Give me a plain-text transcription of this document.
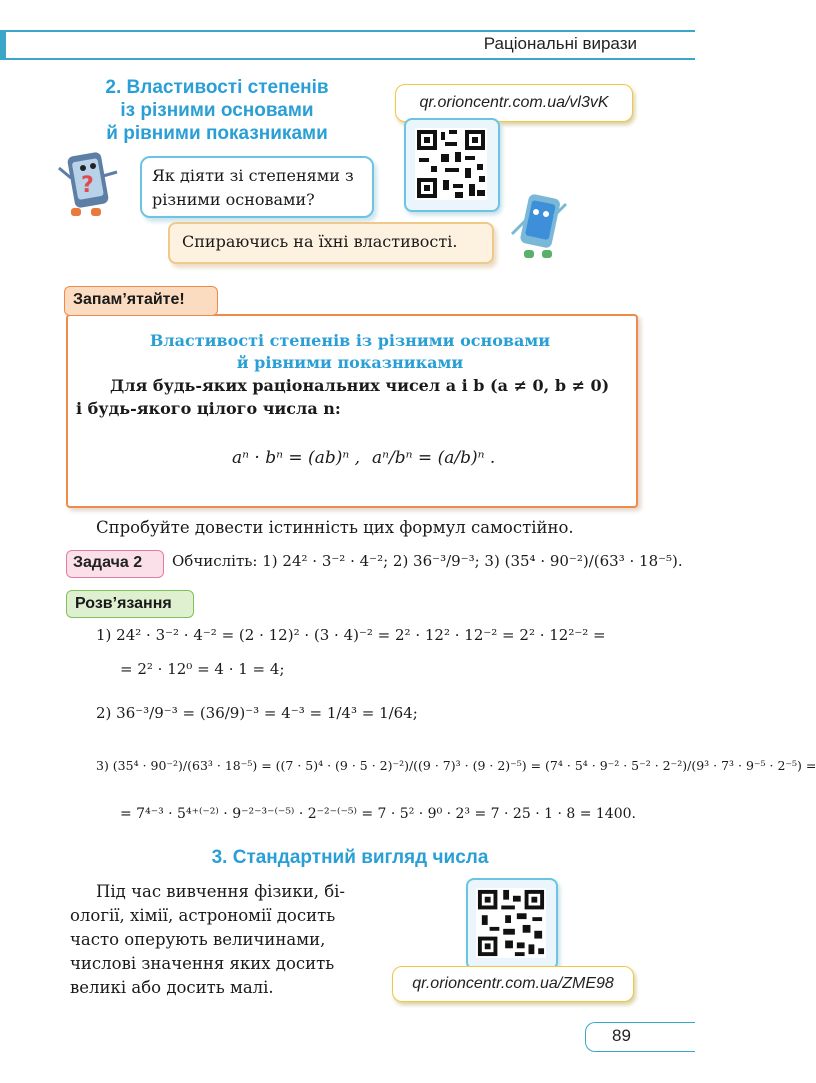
Раціональні вирази
2. Властивості степенів
із різними основами
й рівними показниками
qr.orioncentr.com.ua/vl3vK
?	Як діяти зі степенями з різними основами?
Спираючись на їхні властивості.
Запам’ятайте!
Властивості степенів із різними основами
й рівними показниками
Для будь-яких раціональних чисел a і b (a ≠ 0, b ≠ 0)
і будь-якого цілого числа n:
aⁿ · bⁿ = (ab)ⁿ , aⁿ/bⁿ = (a/b)ⁿ .
Спробуйте довести істинність цих формул самостійно.
Задача 2	Обчисліть: 1) 24² · 3⁻² · 4⁻²; 2) 36⁻³/9⁻³; 3) (35⁴ · 90⁻²)/(63³ · 18⁻⁵).
Розв’язання
1) 24² · 3⁻² · 4⁻² = (2 · 12)² · (3 · 4)⁻² = 2² · 12² · 12⁻² = 2² · 12²⁻² =
= 2² · 12⁰ = 4 · 1 = 4;
2) 36⁻³/9⁻³ = (36/9)⁻³ = 4⁻³ = 1/4³ = 1/64;
3) (35⁴ · 90⁻²)/(63³ · 18⁻⁵) = ((7 · 5)⁴ · (9 · 5 · 2)⁻²)/((9 · 7)³ · (9 · 2)⁻⁵) = (7⁴ · 5⁴ · 9⁻² · 5⁻² · 2⁻²)/(9³ · 7³ · 9⁻⁵ · 2⁻⁵) =
= 7⁴⁻³ · 5⁴⁺⁽⁻²⁾ · 9⁻²⁻³⁻⁽⁻⁵⁾ · 2⁻²⁻⁽⁻⁵⁾ = 7 · 5² · 9⁰ · 2³ = 7 · 25 · 1 · 8 = 1400.
3. Стандартний вигляд числа
Під час вивчення фізики, бі-
ології, хімії, астрономії досить
часто оперують величинами,
числові значення яких досить
великі або досить малі.	qr.orioncentr.com.ua/ZME98
89
